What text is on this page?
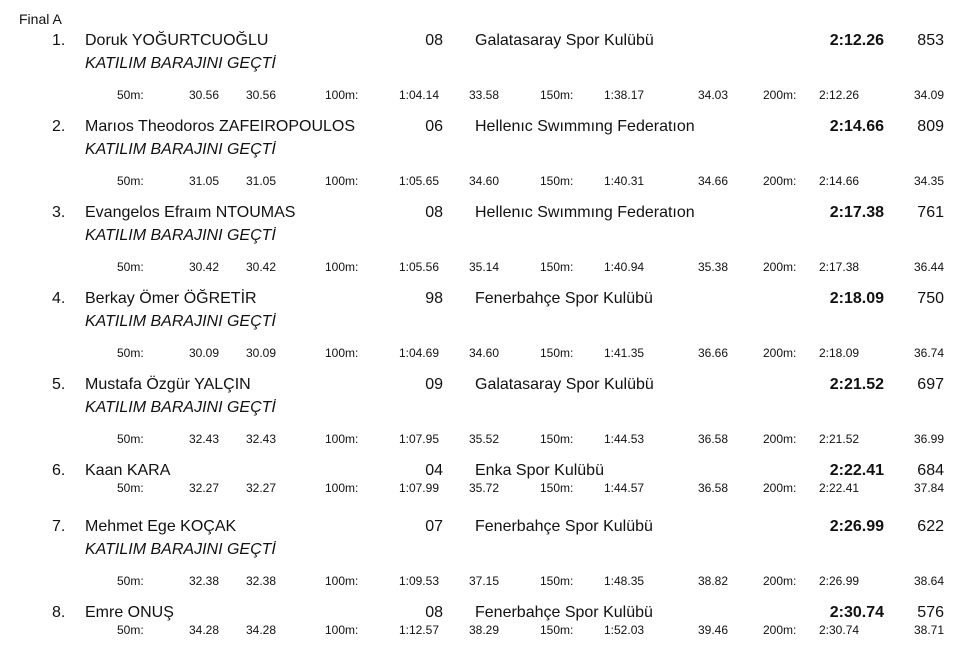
Final A
1. Doruk YOĞURTCUOĞLU	08 Galatasaray Spor Kulübü	2:12.26	853
KATILIM BARAJINI GEÇTİ
50m:	30.56	30.56	100m:	1:04.14	33.58	150m:	1:38.17	34.03	200m: 2:12.26	34.09
2. Marıos Theodoros ZAFEIROPOULOS	06 Hellenıc Swımmıng Federatıon	2:14.66	809
KATILIM BARAJINI GEÇTİ
50m:	31.05	31.05	100m:	1:05.65	34.60	150m:	1:40.31	34.66	200m: 2:14.66	34.35
3. Evangelos Efraım NTOUMAS	08 Hellenıc Swımmıng Federatıon	2:17.38	761
KATILIM BARAJINI GEÇTİ
50m:	30.42	30.42	100m:	1:05.56	35.14	150m:	1:40.94	35.38	200m: 2:17.38	36.44
4. Berkay Ömer ÖĞRETİR	98 Fenerbahçe Spor Kulübü	2:18.09	750
KATILIM BARAJINI GEÇTİ
50m:	30.09	30.09	100m:	1:04.69	34.60	150m:	1:41.35	36.66	200m: 2:18.09	36.74
5. Mustafa Özgür YALÇIN	09 Galatasaray Spor Kulübü	2:21.52	697
KATILIM BARAJINI GEÇTİ
50m:	32.43	32.43	100m:	1:07.95	35.52	150m:	1:44.53	36.58	200m: 2:21.52	36.99
6. Kaan KARA	04 Enka Spor Kulübü	2:22.41	684
50m:	32.27	32.27	100m:	1:07.99	35.72	150m:	1:44.57	36.58	200m: 2:22.41	37.84
7. Mehmet Ege KOÇAK	07 Fenerbahçe Spor Kulübü	2:26.99	622
KATILIM BARAJINI GEÇTİ
50m:	32.38	32.38	100m:	1:09.53	37.15	150m:	1:48.35	38.82	200m: 2:26.99	38.64
8. Emre ONUŞ	08 Fenerbahçe Spor Kulübü	2:30.74	576
50m:	34.28	34.28	100m:	1:12.57	38.29	150m:	1:52.03	39.46	200m: 2:30.74	38.71
